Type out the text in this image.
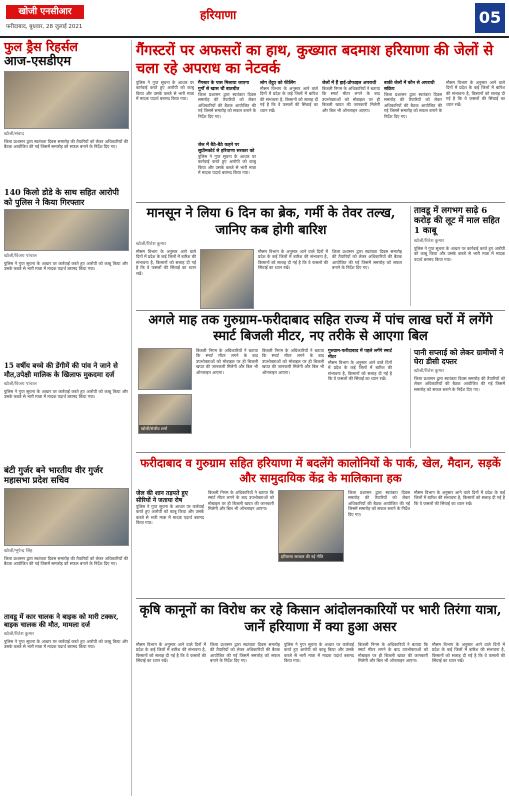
खोजी एनसीआर
फरीदाबाद, बुधवार, 28 जुलाई 2021
हरियाणा	05
फुल ड्रैस रिहर्सल
आज-एसडीएम
खोजी/संवाद
जिला प्रशासन द्वारा स्वतंत्रता दिवस समारोह की तैयारियों को लेकर अधिकारियों की बैठक आयोजित की गई जिसमें समारोह को सफल बनाने के निर्देश दिए गए।
140 किलो डोडे के साथ सहित आरोपी को पुलिस ने किया गिरफ्तार
खोजी/विजय पांचाल
पुलिस ने गुप्त सूचना के आधार पर कार्रवाई करते हुए आरोपी को काबू किया और उसके कब्जे से भारी मात्रा में मादक पदार्थ बरामद किया गया।
15 वर्षीय बच्चे की डेंगीमें की पांव ने जाने से मौत,उपेक्षी मालिक के खिलाफ मुकदमा दर्ज
खोजी/विजय पांचाल
पुलिस ने गुप्त सूचना के आधार पर कार्रवाई करते हुए आरोपी को काबू किया और उसके कब्जे से भारी मात्रा में मादक पदार्थ बरामद किया गया।
बंटी गुर्जर बने भारतीय वीर गुर्जर महासभा प्रदेश सचिव
खोजी/भूपेन्द्र सिंह
जिला प्रशासन द्वारा स्वतंत्रता दिवस समारोह की तैयारियों को लेकर अधिकारियों की बैठक आयोजित की गई जिसमें समारोह को सफल बनाने के निर्देश दिए गए।
तावडू में कार चालक ने बाइक को मारी टक्कर, बाइक चालक की मौत, मामला दर्ज
खोजी/रितेश कुमार
पुलिस ने गुप्त सूचना के आधार पर कार्रवाई करते हुए आरोपी को काबू किया और उसके कब्जे से भारी मात्रा में मादक पदार्थ बरामद किया गया।
गैंगस्टरों पर अफसरों का हाथ, कुख्यात बदमाश हरियाणा की जेलों से चला रहे अपराध का नेटवर्क
पुलिस ने गुप्त सूचना के आधार पर कार्रवाई करते हुए आरोपी को काबू किया और उसके कब्जे से भारी मात्रा में मादक पदार्थ बरामद किया गया।
गैंगस्टर के पास मिलाया जाएगा गुर्गों से खास चौं बातचीत
जिला प्रशासन द्वारा स्वतंत्रता दिवस समारोह की तैयारियों को लेकर अधिकारियों की बैठक आयोजित की गई जिसमें समारोह को सफल बनाने के निर्देश दिए गए।
जेल में बैठे-बैठे कहने पर सुप्रीमकोर्ट से हरियाणा सरकार को
पुलिस ने गुप्त सूचना के आधार पर कार्रवाई करते हुए आरोपी को काबू किया और उसके कब्जे से भारी मात्रा में मादक पदार्थ बरामद किया गया।
लोग तेंदुए को फीलिंग
मौसम विभाग के अनुसार आने वाले दिनों में प्रदेश के कई जिलों में बारिश की संभावना है, किसानों को सलाह दी गई है कि वे फसलों की सिंचाई का ध्यान रखें।
जेलों में हैं हाई-प्रोफाइल अपराधी
बिजली निगम के अधिकारियों ने बताया कि स्मार्ट मीटर लगने के बाद उपभोक्ताओं को मोबाइल पर ही बिजली खपत की जानकारी मिलेगी और बिल भी ऑनलाइन आएगा।
बाकी जेलों में कौन से अपराधी सक्रिय
जिला प्रशासन द्वारा स्वतंत्रता दिवस समारोह की तैयारियों को लेकर अधिकारियों की बैठक आयोजित की गई जिसमें समारोह को सफल बनाने के निर्देश दिए गए।
मौसम विभाग के अनुसार आने वाले दिनों में प्रदेश के कई जिलों में बारिश की संभावना है, किसानों को सलाह दी गई है कि वे फसलों की सिंचाई का ध्यान रखें।
मानसून ने लिया 6 दिन का ब्रेक, गर्मी के तेवर तल्ख, जानिए कब होगी बारिश
खोजी/रितेश कुमार
मौसम विभाग के अनुसार आने वाले दिनों में प्रदेश के कई जिलों में बारिश की संभावना है, किसानों को सलाह दी गई है कि वे फसलों की सिंचाई का ध्यान रखें।
मौसम विभाग के अनुसार आने वाले दिनों में प्रदेश के कई जिलों में बारिश की संभावना है, किसानों को सलाह दी गई है कि वे फसलों की सिंचाई का ध्यान रखें।
जिला प्रशासन द्वारा स्वतंत्रता दिवस समारोह की तैयारियों को लेकर अधिकारियों की बैठक आयोजित की गई जिसमें समारोह को सफल बनाने के निर्देश दिए गए।
तावडू में लगभग साढ़े 6 करोड़ की लूट में माल सहित 1 काबू
खोजी/रितेश कुमार
पुलिस ने गुप्त सूचना के आधार पर कार्रवाई करते हुए आरोपी को काबू किया और उसके कब्जे से भारी मात्रा में मादक पदार्थ बरामद किया गया।
अगले माह तक गुरुग्राम-फरीदाबाद सहित राज्य में पांच लाख घरों में लगेंगे स्मार्ट बिजली मीटर, नए तरीके से आएगा बिल
बिजली निगम के अधिकारियों ने बताया कि स्मार्ट मीटर लगने के बाद उपभोक्ताओं को मोबाइल पर ही बिजली खपत की जानकारी मिलेगी और बिल भी ऑनलाइन आएगा।
बिजली निगम के अधिकारियों ने बताया कि स्मार्ट मीटर लगने के बाद उपभोक्ताओं को मोबाइल पर ही बिजली खपत की जानकारी मिलेगी और बिल भी ऑनलाइन आएगा।
गुरुग्राम-फरीदाबाद में पहले लगेंगे स्मार्ट मीटर
मौसम विभाग के अनुसार आने वाले दिनों में प्रदेश के कई जिलों में बारिश की संभावना है, किसानों को सलाह दी गई है कि वे फसलों की सिंचाई का ध्यान रखें।
खोजी/संजीव शर्मा
पानी सप्लाई को लेकर ग्रामीणों ने घेरा डीसी दफ्तर
खोजी/रितेश कुमार
जिला प्रशासन द्वारा स्वतंत्रता दिवस समारोह की तैयारियों को लेकर अधिकारियों की बैठक आयोजित की गई जिसमें समारोह को सफल बनाने के निर्देश दिए गए।
फरीदाबाद व गुरुग्राम सहित हरियाणा में बदलेंगे कालोनियों के पार्क, खेल, मैदान, सड़कें और सामुदायिक केंद्र के मालिकाना हक
जेल की शान तड़पते हुए सीरियों ने जताया रोष
पुलिस ने गुप्त सूचना के आधार पर कार्रवाई करते हुए आरोपी को काबू किया और उसके कब्जे से भारी मात्रा में मादक पदार्थ बरामद किया गया।
बिजली निगम के अधिकारियों ने बताया कि स्मार्ट मीटर लगने के बाद उपभोक्ताओं को मोबाइल पर ही बिजली खपत की जानकारी मिलेगी और बिल भी ऑनलाइन आएगा।
हरियाणा सरकार की नई नीति
जिला प्रशासन द्वारा स्वतंत्रता दिवस समारोह की तैयारियों को लेकर अधिकारियों की बैठक आयोजित की गई जिसमें समारोह को सफल बनाने के निर्देश दिए गए।
मौसम विभाग के अनुसार आने वाले दिनों में प्रदेश के कई जिलों में बारिश की संभावना है, किसानों को सलाह दी गई है कि वे फसलों की सिंचाई का ध्यान रखें।
कृषि कानूनों का विरोध कर रहे किसान आंदोलनकारियों पर भारी तिरंगा यात्रा, जानें हरियाणा में क्या हुआ असर
मौसम विभाग के अनुसार आने वाले दिनों में प्रदेश के कई जिलों में बारिश की संभावना है, किसानों को सलाह दी गई है कि वे फसलों की सिंचाई का ध्यान रखें।
जिला प्रशासन द्वारा स्वतंत्रता दिवस समारोह की तैयारियों को लेकर अधिकारियों की बैठक आयोजित की गई जिसमें समारोह को सफल बनाने के निर्देश दिए गए।
पुलिस ने गुप्त सूचना के आधार पर कार्रवाई करते हुए आरोपी को काबू किया और उसके कब्जे से भारी मात्रा में मादक पदार्थ बरामद किया गया।
बिजली निगम के अधिकारियों ने बताया कि स्मार्ट मीटर लगने के बाद उपभोक्ताओं को मोबाइल पर ही बिजली खपत की जानकारी मिलेगी और बिल भी ऑनलाइन आएगा।
मौसम विभाग के अनुसार आने वाले दिनों में प्रदेश के कई जिलों में बारिश की संभावना है, किसानों को सलाह दी गई है कि वे फसलों की सिंचाई का ध्यान रखें।
